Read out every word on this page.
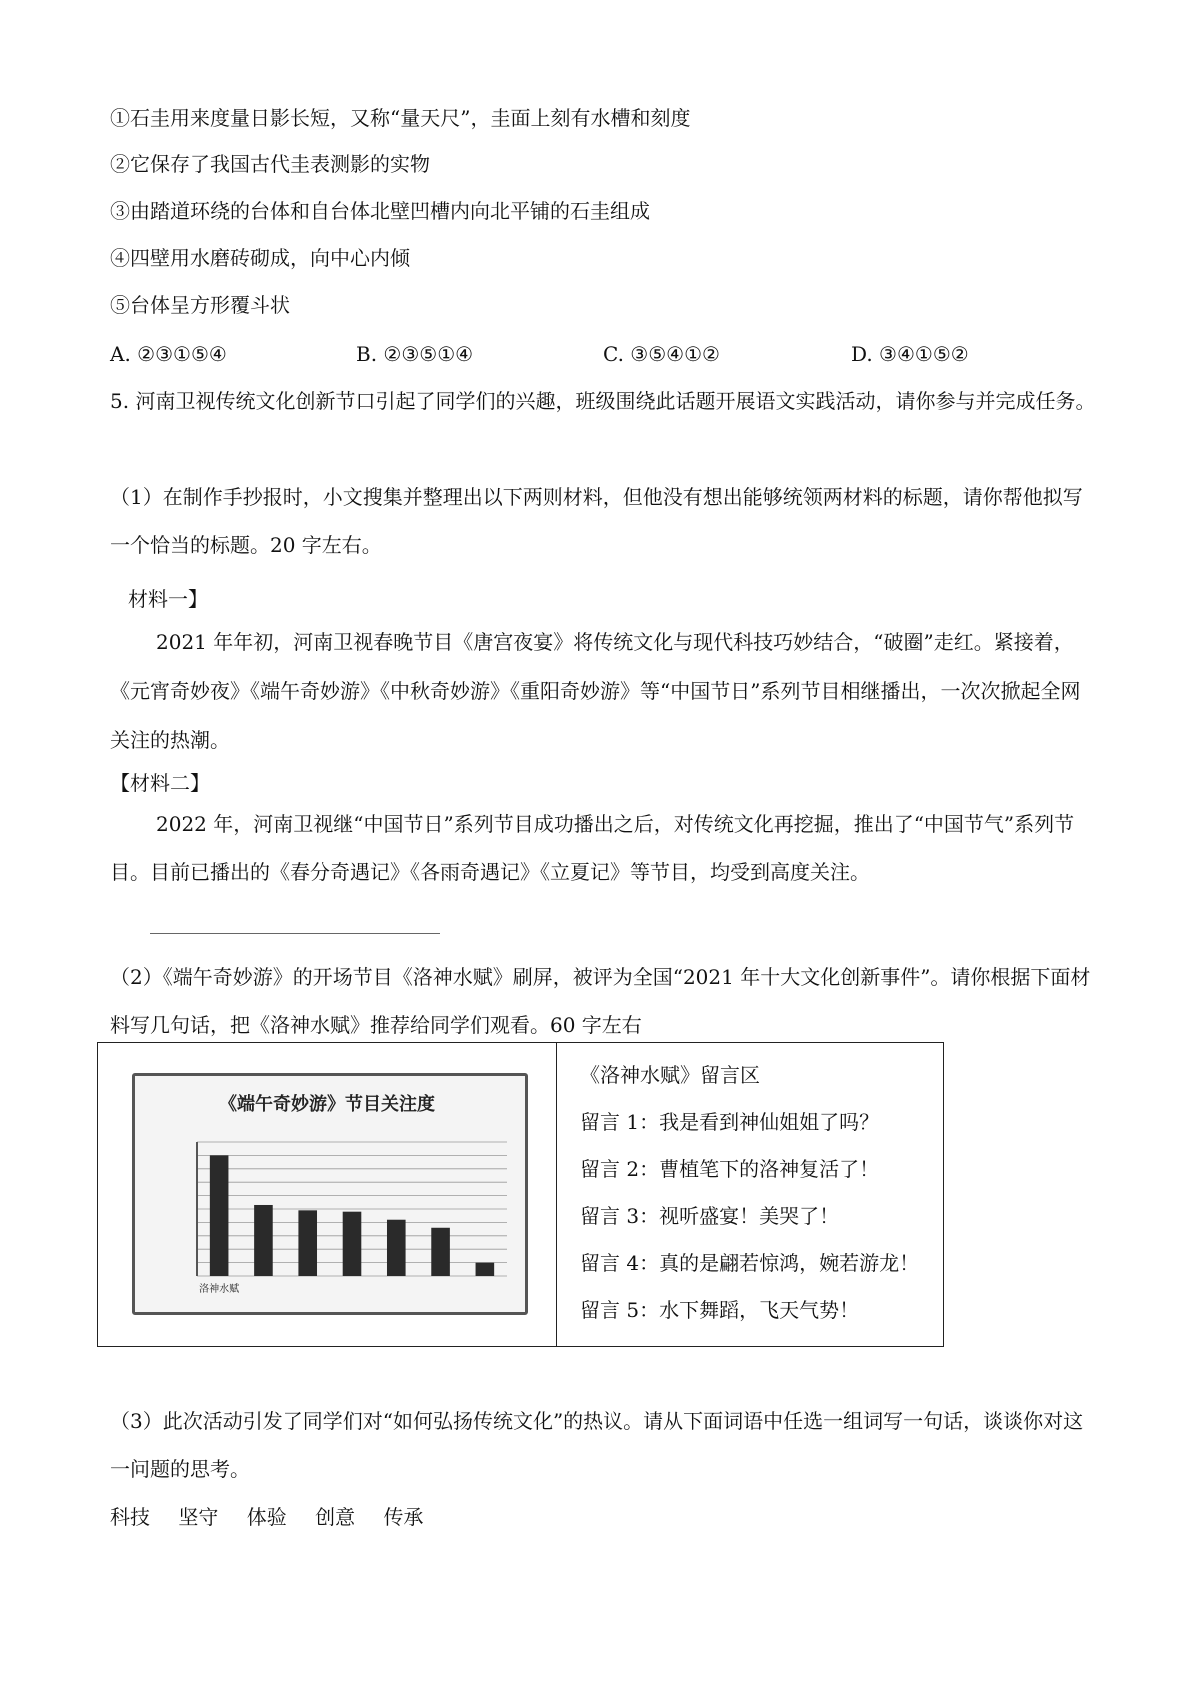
①石圭用来度量日影长短，又称“量天尺”，圭面上刻有水槽和刻度
②它保存了我国古代圭表测影的实物
③由踏道环绕的台体和自台体北壁凹槽内向北平铺的石圭组成
④四壁用水磨砖砌成，向中心内倾
⑤台体呈方形覆斗状
A. ②③①⑤④	B. ②③⑤①④	C. ③⑤④①②	D. ③④①⑤②
5. 河南卫视传统文化创新节口引起了同学们的兴趣，班级围绕此话题开展语文实践活动，请你参与并完成任务。
（1）在制作手抄报时，小文搜集并整理出以下两则材料，但他没有想出能够统领两材料的标题，请你帮他拟写一个恰当的标题。20 字左右。
材料一】
2021 年年初，河南卫视春晚节目《唐宫夜宴》将传统文化与现代科技巧妙结合，“破圈”走红。紧接着，《元宵奇妙夜》《端午奇妙游》《中秋奇妙游》《重阳奇妙游》等“中国节日”系列节目相继播出，一次次掀起全网关注的热潮。
【材料二】
2022 年，河南卫视继“中国节日”系列节目成功播出之后，对传统文化再挖掘，推出了“中国节气”系列节目。目前已播出的《春分奇遇记》《各雨奇遇记》《立夏记》等节目，均受到高度关注。
（2）《端午奇妙游》的开场节目《洛神水赋》刷屏，被评为全国“2021 年十大文化创新事件”。请你根据下面材料写几句话，把《洛神水赋》推荐给同学们观看。60 字左右
《端午奇妙游》节目关注度
洛神水赋
《洛神水赋》留言区
留言 1：我是看到神仙姐姐了吗？
留言 2：曹植笔下的洛神复活了！
留言 3：视听盛宴！美哭了！
留言 4：真的是翩若惊鸿，婉若游龙！
留言 5：水下舞蹈，飞天气势！
（3）此次活动引发了同学们对“如何弘扬传统文化”的热议。请从下面词语中任选一组词写一句话，谈谈你对这一问题的思考。
科技 坚守 体验 创意 传承
